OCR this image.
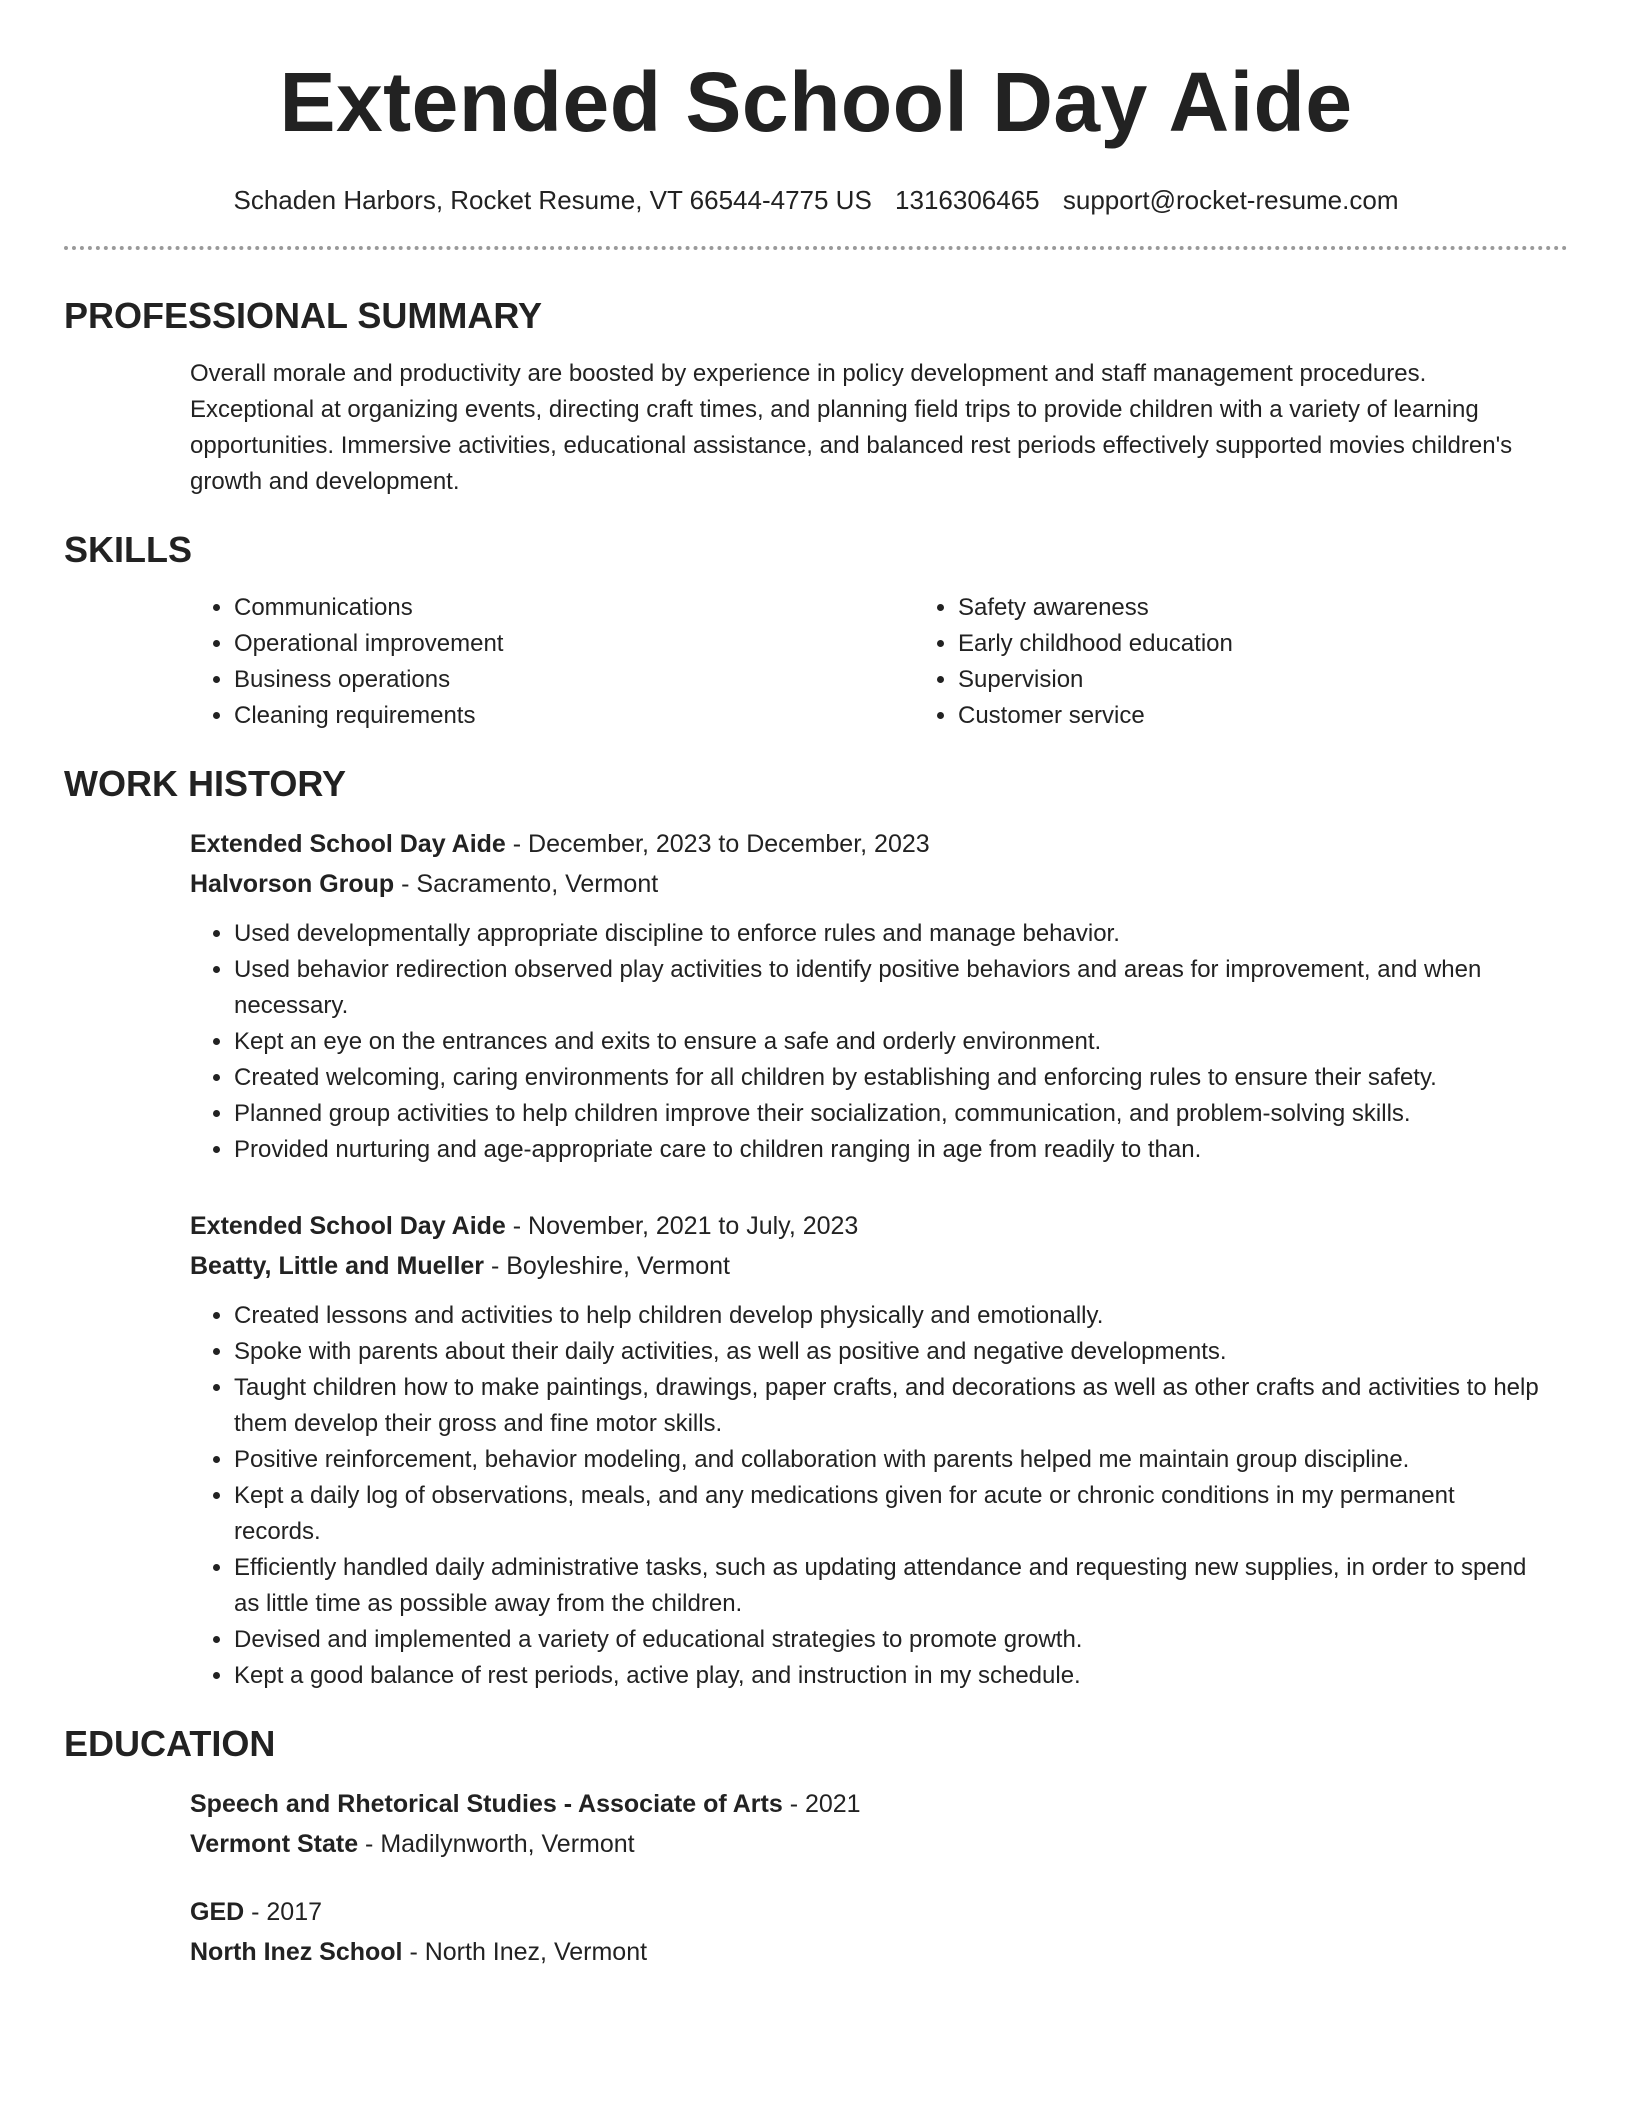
Extended School Day Aide
Schaden Harbors, Rocket Resume, VT 66544-4775 US 1316306465 support@rocket-resume.com
PROFESSIONAL SUMMARY

Overall morale and productivity are boosted by experience in policy development and staff management procedures. Exceptional at organizing events, directing craft times, and planning field trips to provide children with a variety of learning opportunities. Immersive activities, educational assistance, and balanced rest periods effectively supported movies children's growth and development.

SKILLS
• Communications
• Operational improvement
• Business operations
• Cleaning requirements
• Safety awareness
• Early childhood education
• Supervision
• Customer service
WORK HISTORY
Extended School Day Aide - December, 2023 to December, 2023
Halvorson Group - Sacramento, Vermont
• Used developmentally appropriate discipline to enforce rules and manage behavior.
• Used behavior redirection observed play activities to identify positive behaviors and areas for improvement, and when necessary.
• Kept an eye on the entrances and exits to ensure a safe and orderly environment.
• Created welcoming, caring environments for all children by establishing and enforcing rules to ensure their safety.
• Planned group activities to help children improve their socialization, communication, and problem-solving skills.
• Provided nurturing and age-appropriate care to children ranging in age from readily to than.
Extended School Day Aide - November, 2021 to July, 2023
Beatty, Little and Mueller - Boyleshire, Vermont
• Created lessons and activities to help children develop physically and emotionally.
• Spoke with parents about their daily activities, as well as positive and negative developments.
• Taught children how to make paintings, drawings, paper crafts, and decorations as well as other crafts and activities to help them develop their gross and fine motor skills.
• Positive reinforcement, behavior modeling, and collaboration with parents helped me maintain group discipline.
• Kept a daily log of observations, meals, and any medications given for acute or chronic conditions in my permanent records.
• Efficiently handled daily administrative tasks, such as updating attendance and requesting new supplies, in order to spend as little time as possible away from the children.
• Devised and implemented a variety of educational strategies to promote growth.
• Kept a good balance of rest periods, active play, and instruction in my schedule.
EDUCATION
Speech and Rhetorical Studies - Associate of Arts - 2021
Vermont State - Madilynworth, Vermont
GED - 2017
North Inez School - North Inez, Vermont
